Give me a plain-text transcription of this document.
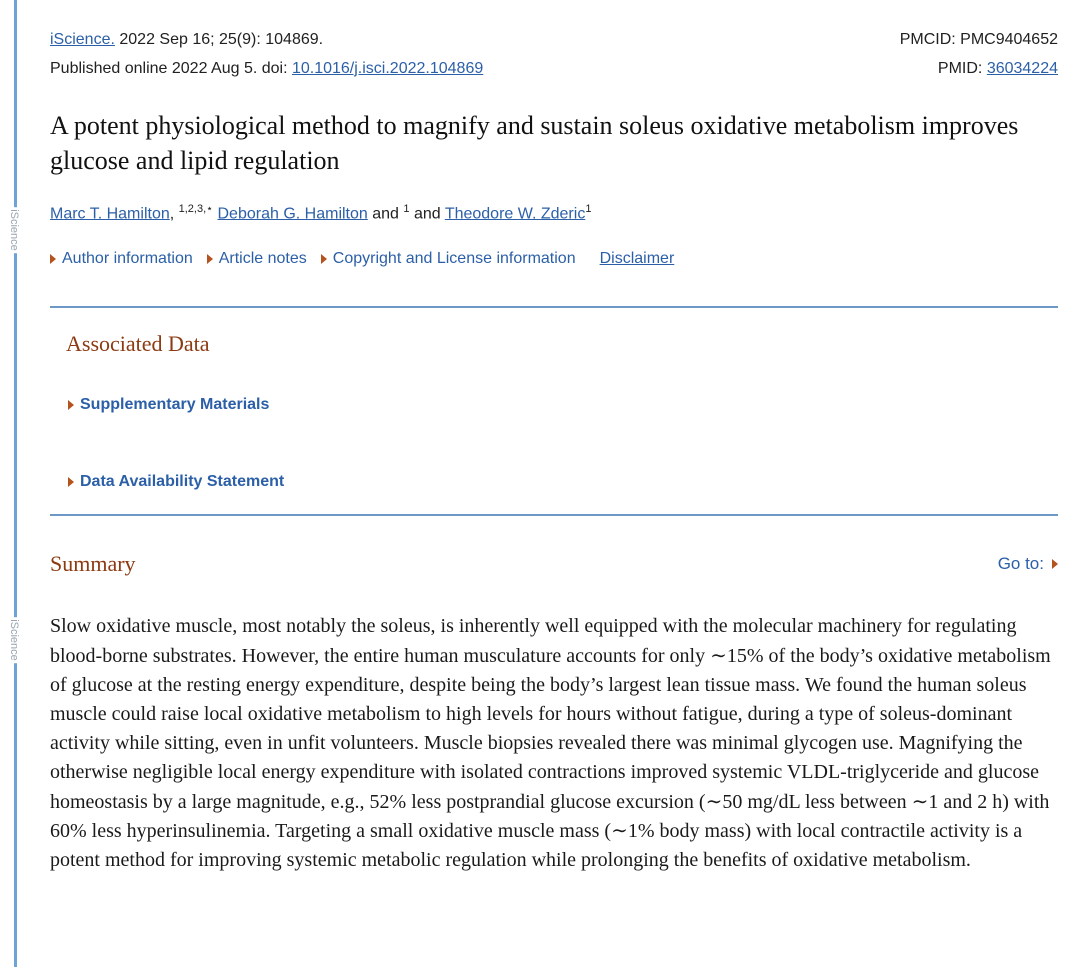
iScience
iScience
iScience. 2022 Sep 16; 25(9): 104869.	PMCID: PMC9404652
Published online 2022 Aug 5. doi: 10.1016/j.isci.2022.104869	PMID: 36034224
A potent physiological method to magnify and sustain soleus oxidative metabolism improves glucose and lipid regulation
Marc T. Hamilton, $^{1,2,3,⋆}$ Deborah G. Hamilton and $^1$ and Theodore W. Zderic$^1$
Author information Article notes Copyright and License information Disclaimer
Associated Data
Supplementary Materials
Data Availability Statement
Summary	Go to:
Slow oxidative muscle, most notably the soleus, is inherently well equipped with the molecular machinery for regulating blood-borne substrates. However, the entire human musculature accounts for only ∼15% of the body’s oxidative metabolism of glucose at the resting energy expenditure, despite being the body’s largest lean tissue mass. We found the human soleus muscle could raise local oxidative metabolism to high levels for hours without fatigue, during a type of soleus-dominant activity while sitting, even in unfit volunteers. Muscle biopsies revealed there was minimal glycogen use. Magnifying the otherwise negligible local energy expenditure with isolated contractions improved systemic VLDL-triglyceride and glucose homeostasis by a large magnitude, e.g., 52% less postprandial glucose excursion (∼50 mg/dL less between ∼1 and 2 h) with 60% less hyperinsulinemia. Targeting a small oxidative muscle mass (∼1% body mass) with local contractile activity is a potent method for improving systemic metabolic regulation while prolonging the benefits of oxidative metabolism.
